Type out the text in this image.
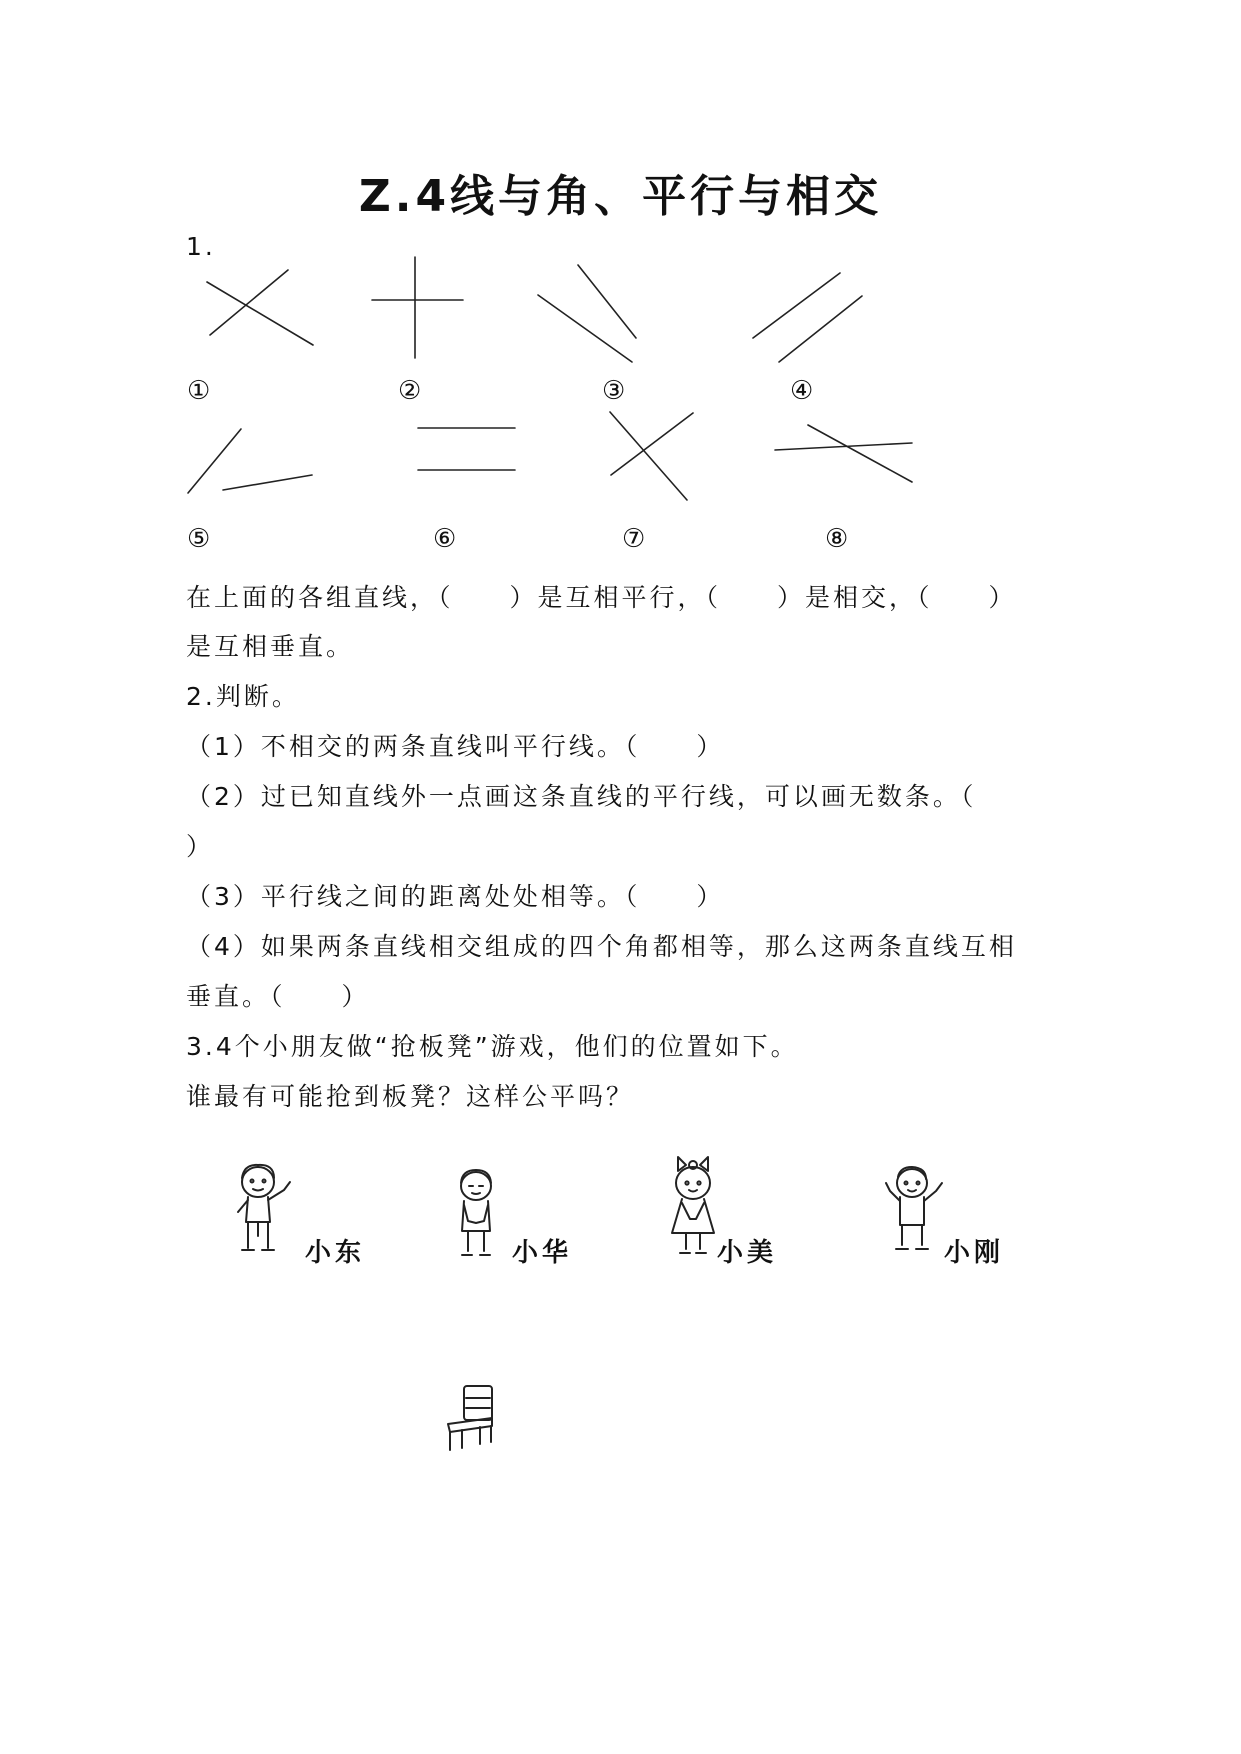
Z.4线与角、平行与相交
1.
①	②	③	④
⑤	⑥	⑦	⑧
在上面的各组直线，（　　）是互相平行，（　　）是相交，（　　）
是互相垂直。
2.判断。
（1）不相交的两条直线叫平行线。（　　）
（2）过已知直线外一点画这条直线的平行线，可以画无数条。（
）
（3）平行线之间的距离处处相等。（　　）
（4）如果两条直线相交组成的四个角都相等，那么这两条直线互相
垂直。（　　）
3.4个小朋友做“抢板凳”游戏，他们的位置如下。
谁最有可能抢到板凳？这样公平吗？
小东	小华	小美	小刚
